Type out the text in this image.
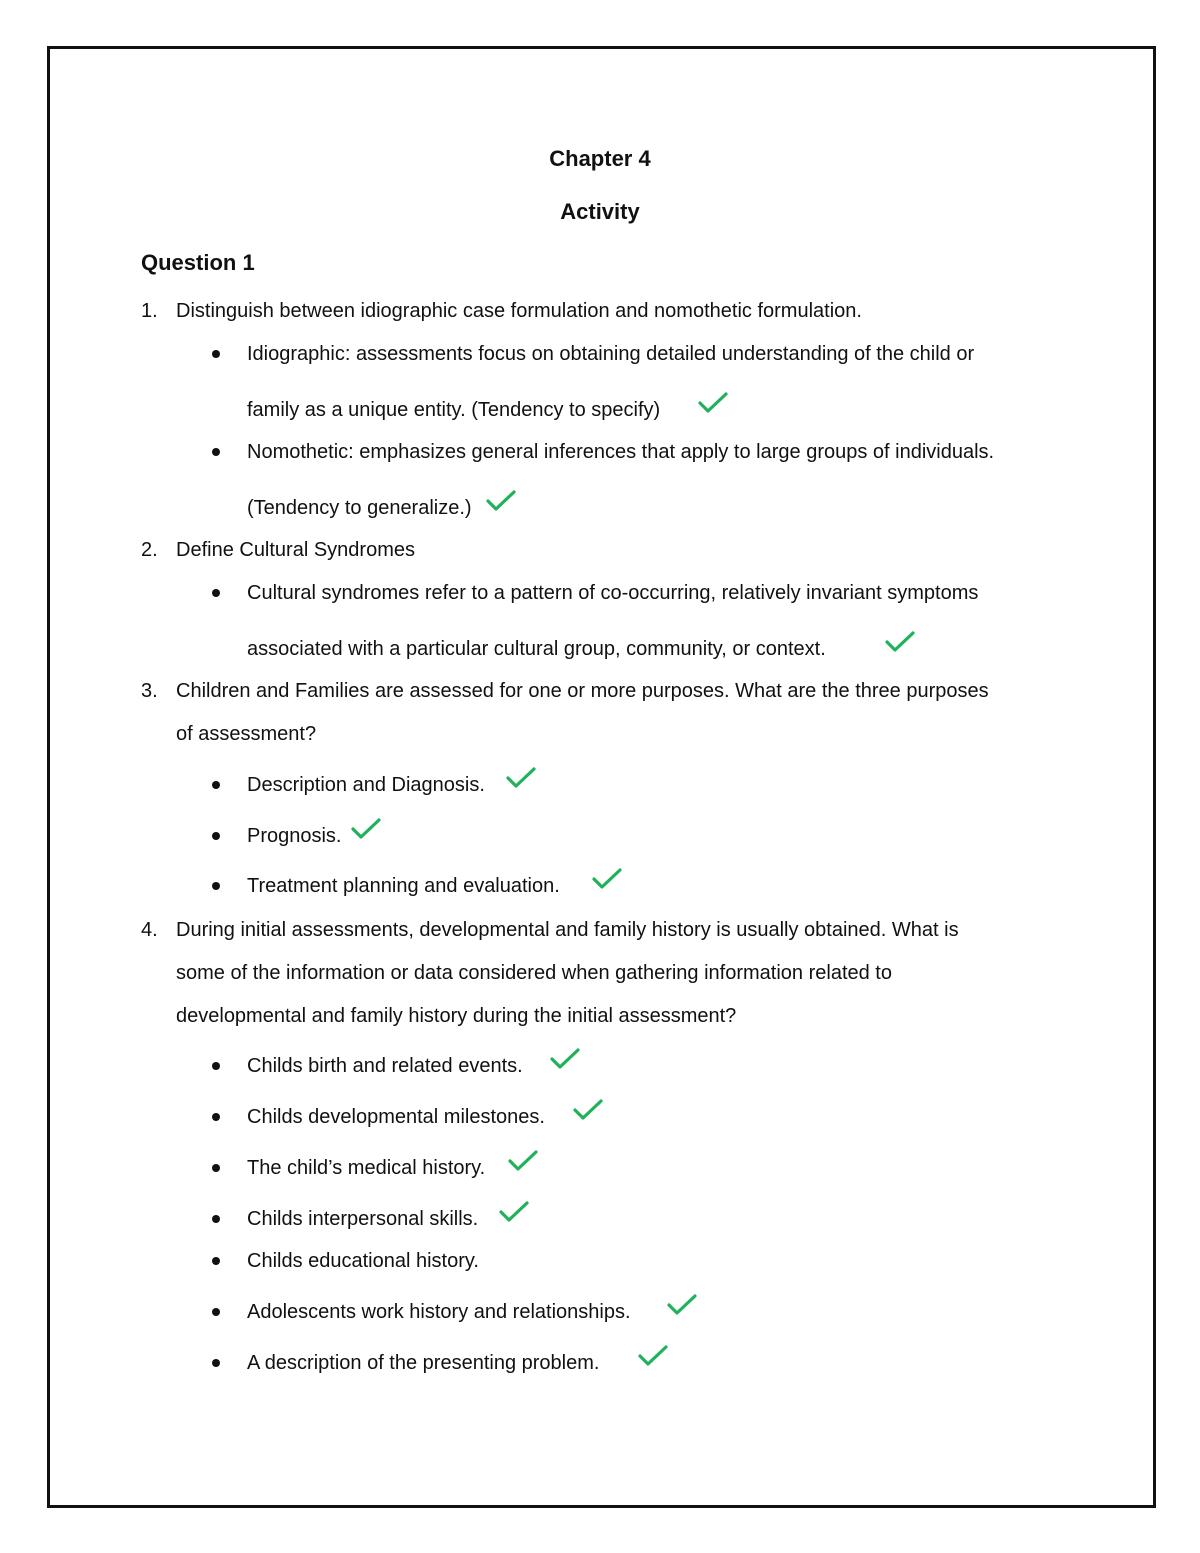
Chapter 4
Activity
Question 1
1. Distinguish between idiographic case formulation and nomothetic formulation.
Idiographic: assessments focus on obtaining detailed understanding of the child or
family as a unique entity. (Tendency to specify)
Nomothetic: emphasizes general inferences that apply to large groups of individuals.
(Tendency to generalize.)
2. Define Cultural Syndromes
Cultural syndromes refer to a pattern of co-occurring, relatively invariant symptoms
associated with a particular cultural group, community, or context.
3. Children and Families are assessed for one or more purposes. What are the three purposes
of assessment?
Description and Diagnosis.
Prognosis.
Treatment planning and evaluation.
4. During initial assessments, developmental and family history is usually obtained. What is
some of the information or data considered when gathering information related to
developmental and family history during the initial assessment?
Childs birth and related events.
Childs developmental milestones.
The child’s medical history.
Childs interpersonal skills.
Childs educational history.
Adolescents work history and relationships.
A description of the presenting problem.
